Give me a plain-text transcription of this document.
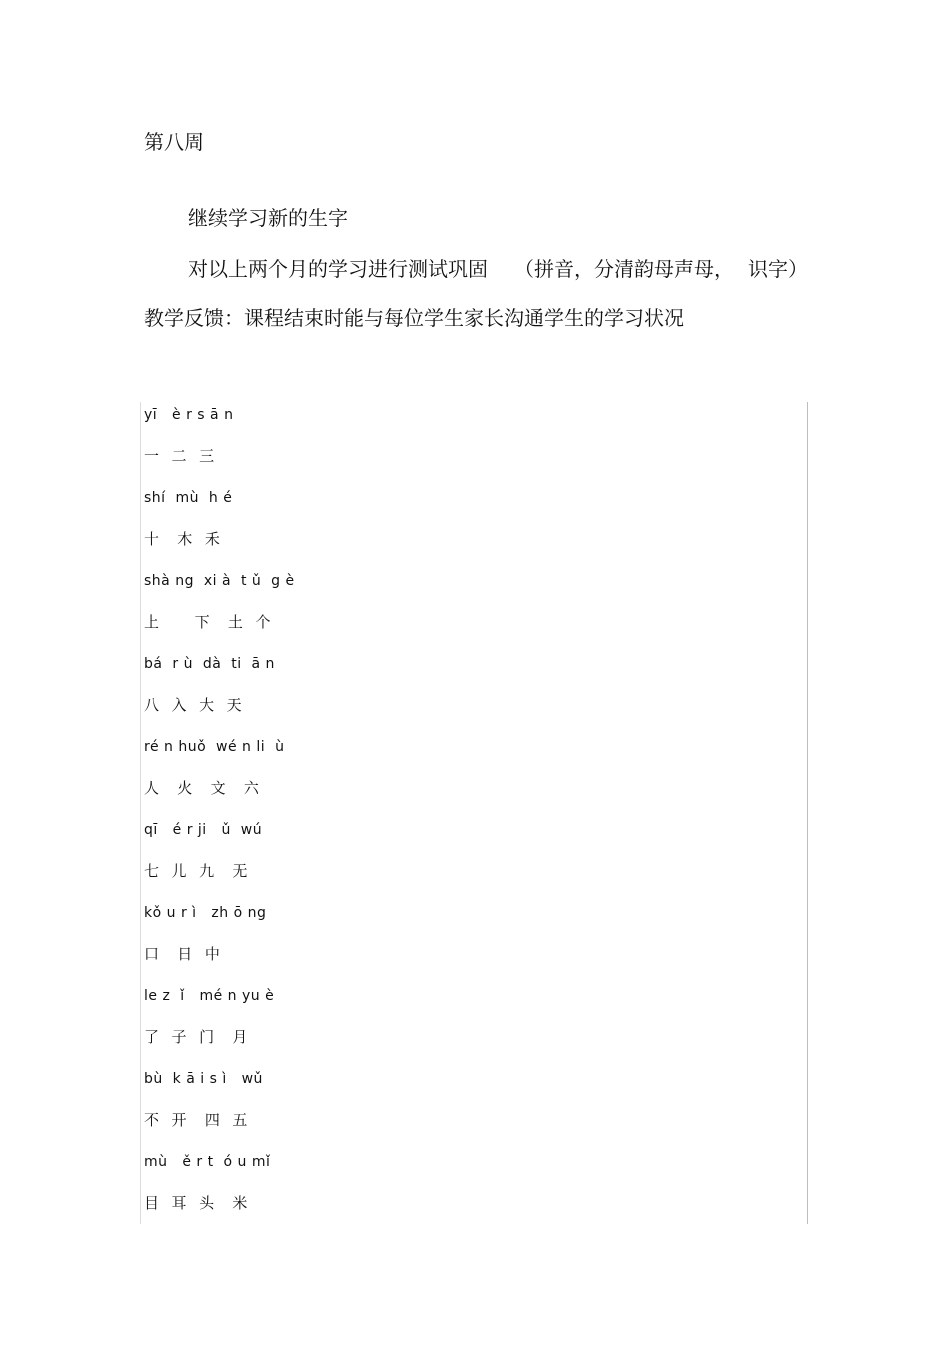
第八周
继续学习新的生字
对以上两个月的学习进行测试巩固 （拼音，分清韵母声母， 识字）
教学反馈：课程结束时能与每位学生家长沟通学生的学习状况
yī   è r s ā n
一  二  三
shí  mù  h é
十   木  禾
shà ng  xi à  t ǔ  g è
上      下   土  个
bá  r ù  dà  ti  ā n
八  入  大  天
ré n huǒ  wé n li  ù
人   火   文   六
qī   é r ji   ǔ  wú
七  儿  九   无
kǒ u r ì   zh ō ng
口   日  中
le z  ǐ   mé n yu è
了  子  门   月
bù  k ā i s ì   wǔ
不  开   四  五
mù   ě r t  ó u mǐ
目  耳  头   米
